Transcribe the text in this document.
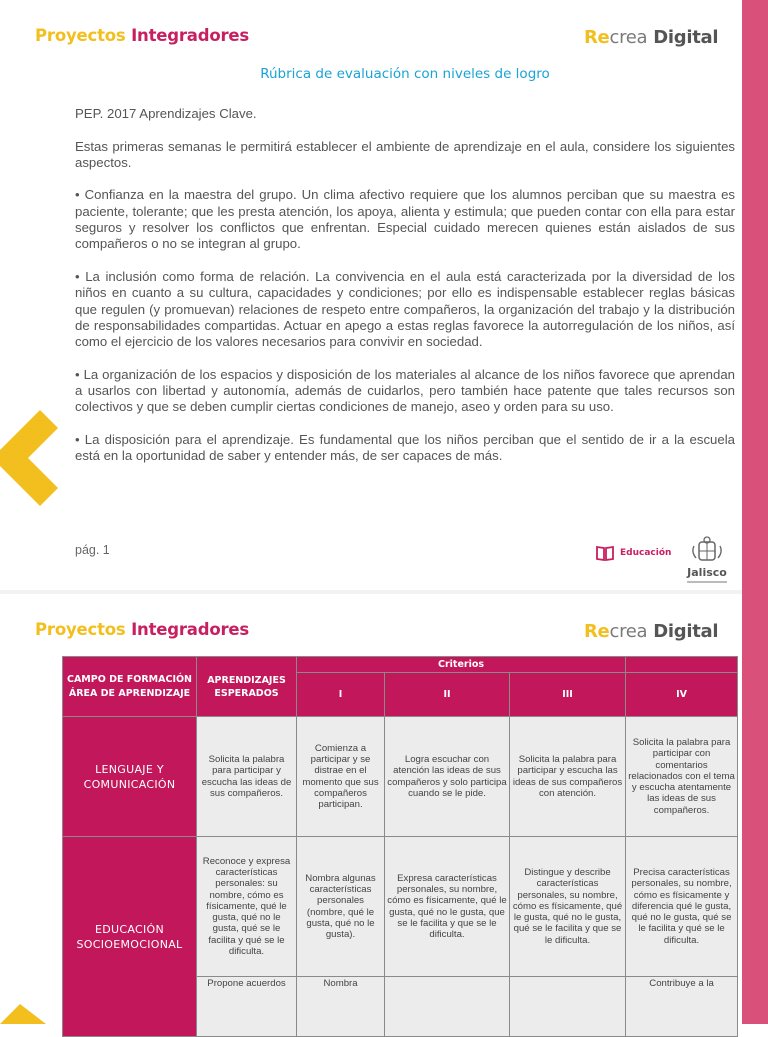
Proyectos Integradores	Recrea Digital
Rúbrica de evaluación con niveles de logro

PEP. 2017 Aprendizajes Clave.

Estas primeras semanas le permitirá establecer el ambiente de aprendizaje en el aula, considere los siguientes aspectos.

• Confianza en la maestra del grupo. Un clima afectivo requiere que los alumnos perciban que su maestra es paciente, tolerante; que les presta atención, los apoya, alienta y estimula; que pueden contar con ella para estar seguros y resolver los conflictos que enfrentan. Especial cuidado merecen quienes están aislados de sus compañeros o no se integran al grupo.

• La inclusión como forma de relación. La convivencia en el aula está caracterizada por la diversidad de los niños en cuanto a su cultura, capacidades y condiciones; por ello es indispensable establecer reglas básicas que regulen (y promuevan) relaciones de respeto entre compañeros, la organización del trabajo y la distribución de responsabilidades compartidas. Actuar en apego a estas reglas favorece la autorregulación de los niños, así como el ejercicio de los valores necesarios para convivir en sociedad.

• La organización de los espacios y disposición de los materiales al alcance de los niños favorece que aprendan a usarlos con libertad y autonomía, además de cuidarlos, pero también hace patente que tales recursos son colectivos y que se deben cumplir ciertas condiciones de manejo, aseo y orden para su uso.

• La disposición para el aprendizaje. Es fundamental que los niños perciban que el sentido de ir a la escuela está en la oportunidad de saber y entender más, de ser capaces de más.

pág. 1	Educación
Jalisco
Proyectos Integradores	Recrea Digital
CAMPO DE FORMACIÓN ÁREA DE APRENDIZAJE	APRENDIZAJES ESPERADOS	Criterios			
		I	II	III	IV
LENGUAJE Y COMUNICACIÓN	Solicita la palabra para participar y escucha las ideas de sus compañeros.	Comienza a participar y se distrae en el momento que sus compañeros participan.	Logra escuchar con atención las ideas de sus compañeros y solo participa cuando se le pide.	Solicita la palabra para participar y escucha las ideas de sus compañeros con atención.	Solicita la palabra para participar con comentarios relacionados con el tema y escucha atentamente las ideas de sus compañeros.
EDUCACIÓN SOCIOEMOCIONAL	Reconoce y expresa características personales: su nombre, cómo es físicamente, qué le gusta, qué no le gusta, qué se le facilita y qué se le dificulta.	Nombra algunas características personales (nombre, qué le gusta, qué no le gusta).	Expresa características personales, su nombre, cómo es físicamente, qué le gusta, qué no le gusta, que se le facilita y que se le dificulta.	Distingue y describe características personales, su nombre, cómo es físicamente, qué le gusta, qué no le gusta, qué se le facilita y que se le dificulta.	Precisa características personales, su nombre, cómo es físicamente y diferencia qué le gusta, qué no le gusta, qué se le facilita y qué se le dificulta.
	Propone acuerdos	Nombra			Contribuye a la
